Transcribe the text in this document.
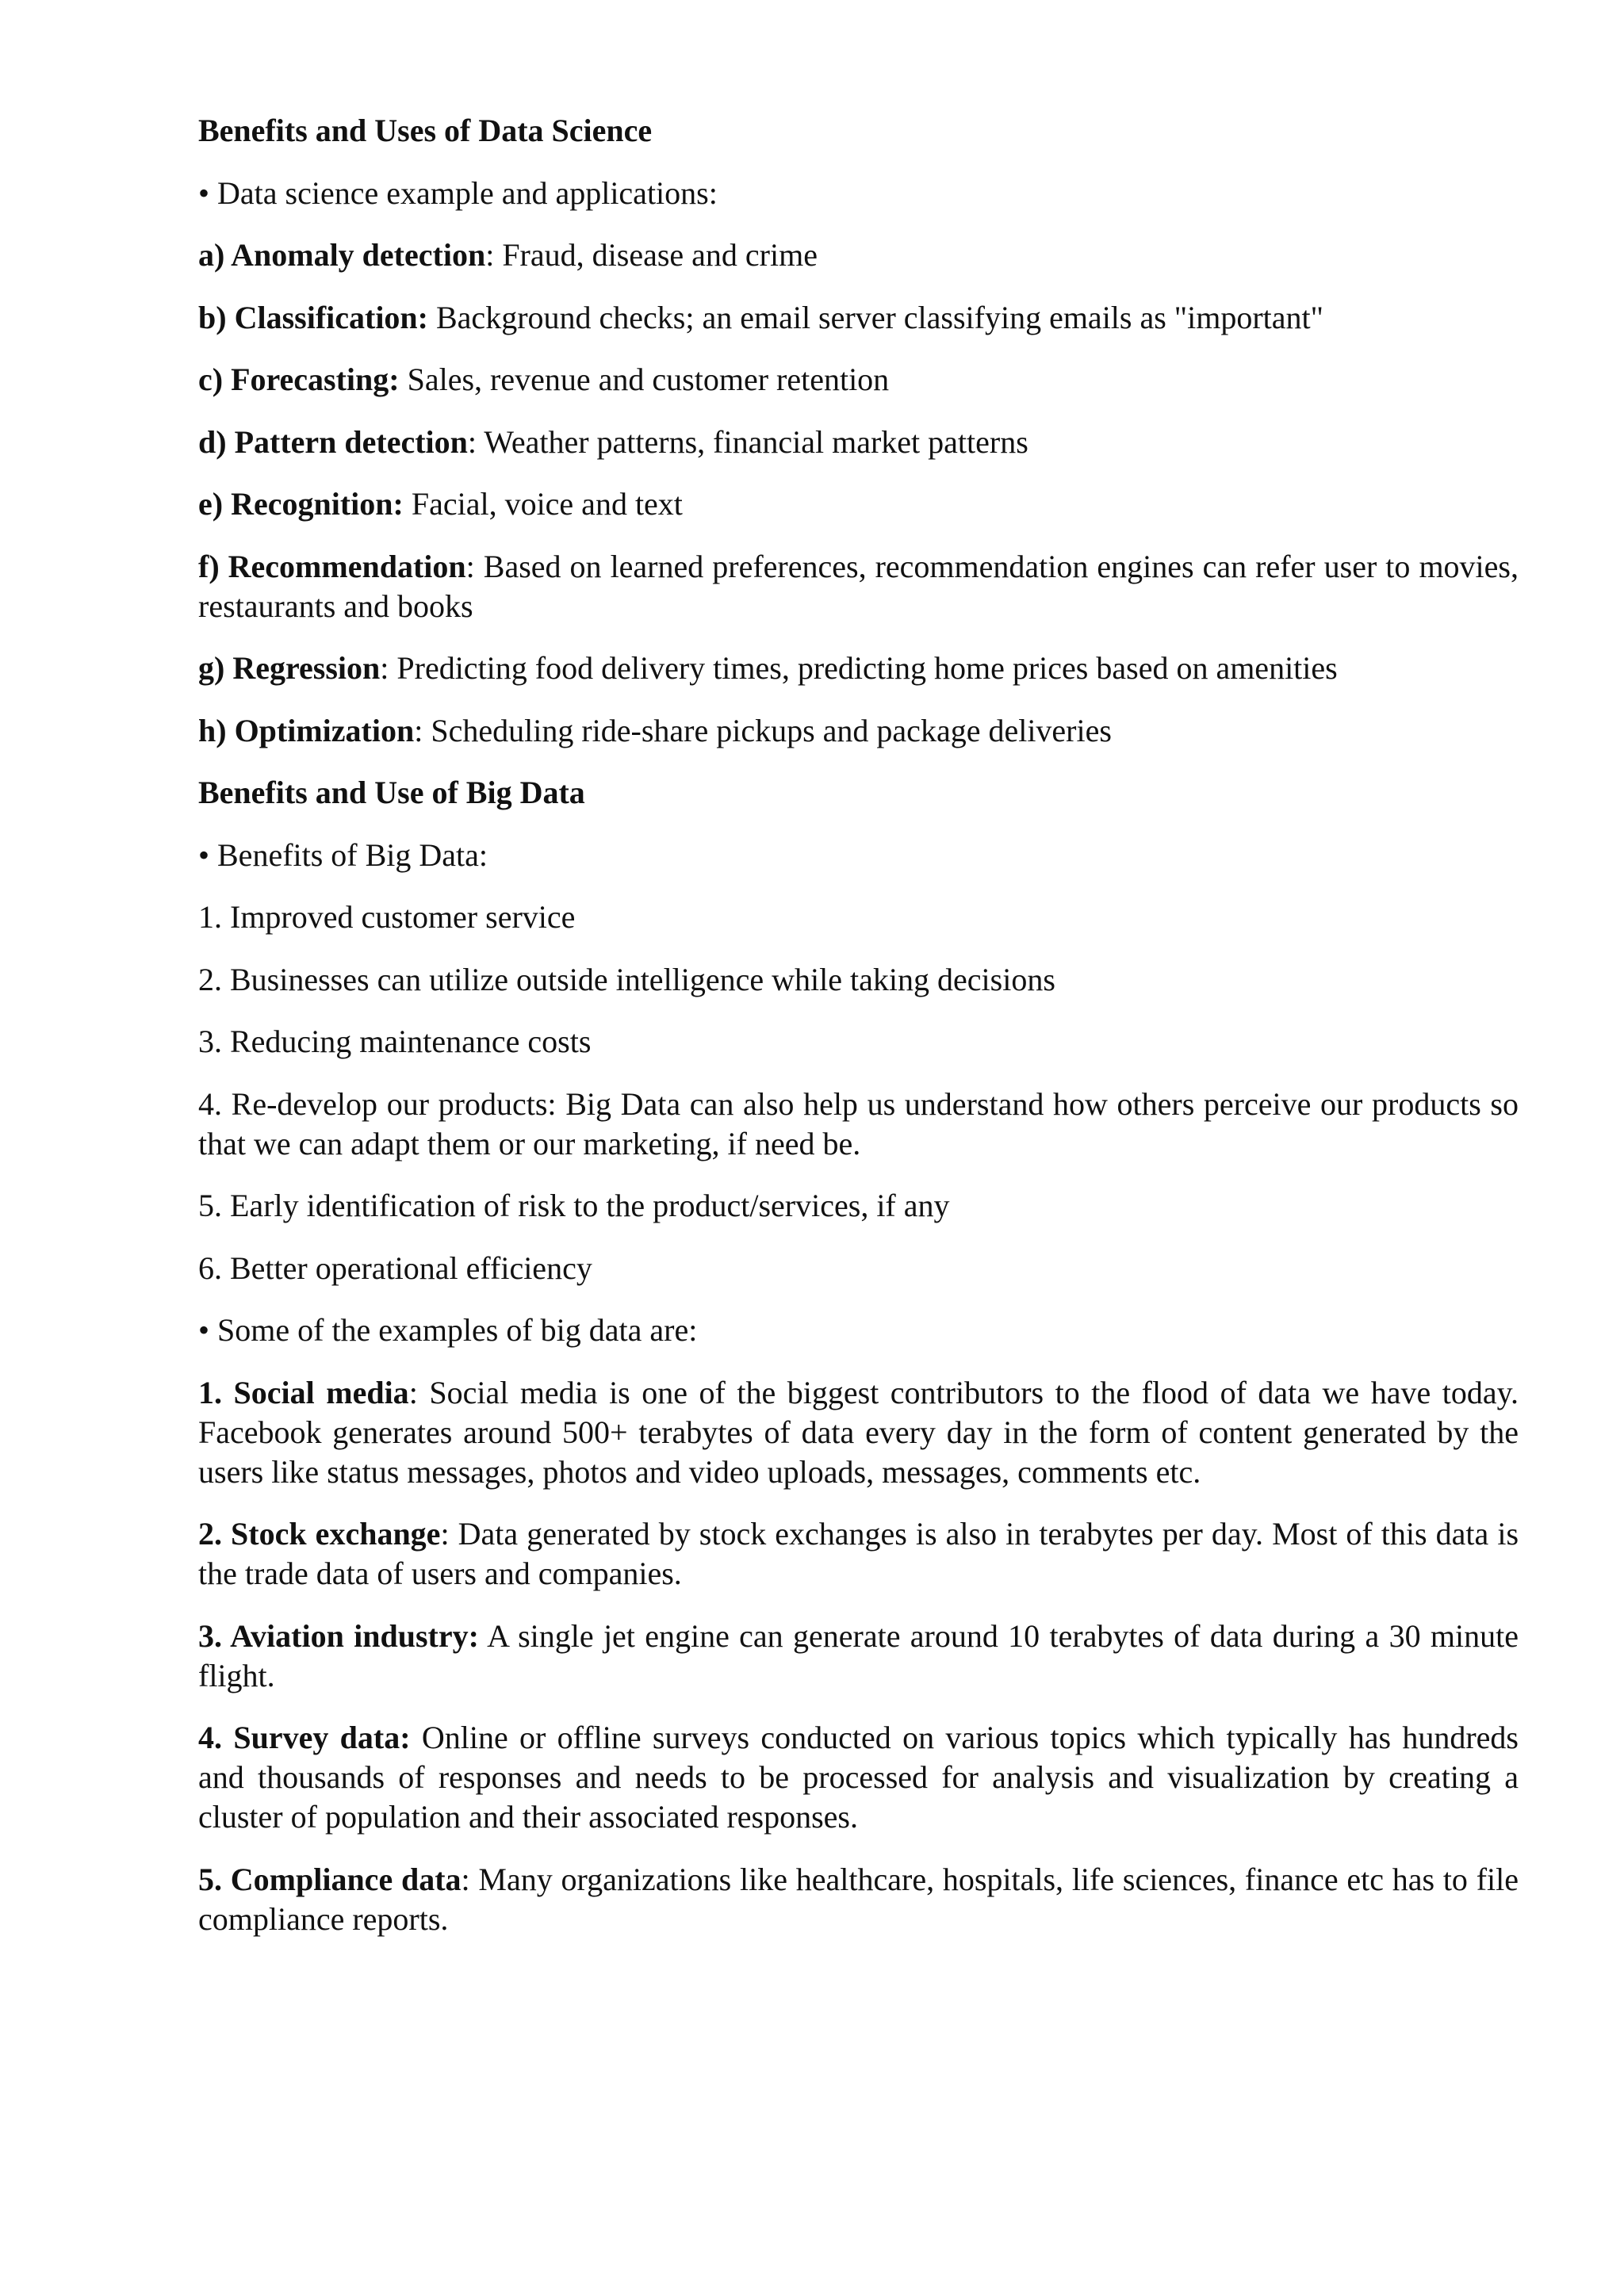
Benefits and Uses of Data Science
• Data science example and applications:
a) Anomaly detection: Fraud, disease and crime
b) Classification: Background checks; an email server classifying emails as "important"
c) Forecasting: Sales, revenue and customer retention
d) Pattern detection: Weather patterns, financial market patterns
e) Recognition: Facial, voice and text
f) Recommendation: Based on learned preferences, recommendation engines can refer user to movies, restaurants and books
g) Regression: Predicting food delivery times, predicting home prices based on amenities
h) Optimization: Scheduling ride-share pickups and package deliveries
Benefits and Use of Big Data
• Benefits of Big Data:
1. Improved customer service
2. Businesses can utilize outside intelligence while taking decisions
3. Reducing maintenance costs
4. Re-develop our products: Big Data can also help us understand how others perceive our products so that we can adapt them or our marketing, if need be.
5. Early identification of risk to the product/services, if any
6. Better operational efficiency
• Some of the examples of big data are:
1. Social media: Social media is one of the biggest contributors to the flood of data we have today. Facebook generates around 500+ terabytes of data every day in the form of content generated by the users like status messages, photos and video uploads, messages, comments etc.
2. Stock exchange: Data generated by stock exchanges is also in terabytes per day. Most of this data is the trade data of users and companies.
3. Aviation industry: A single jet engine can generate around 10 terabytes of data during a 30 minute flight.
4. Survey data: Online or offline surveys conducted on various topics which typically has hundreds and thousands of responses and needs to be processed for analysis and visualization by creating a cluster of population and their associated responses.
5. Compliance data: Many organizations like healthcare, hospitals, life sciences, finance etc has to file compliance reports.
